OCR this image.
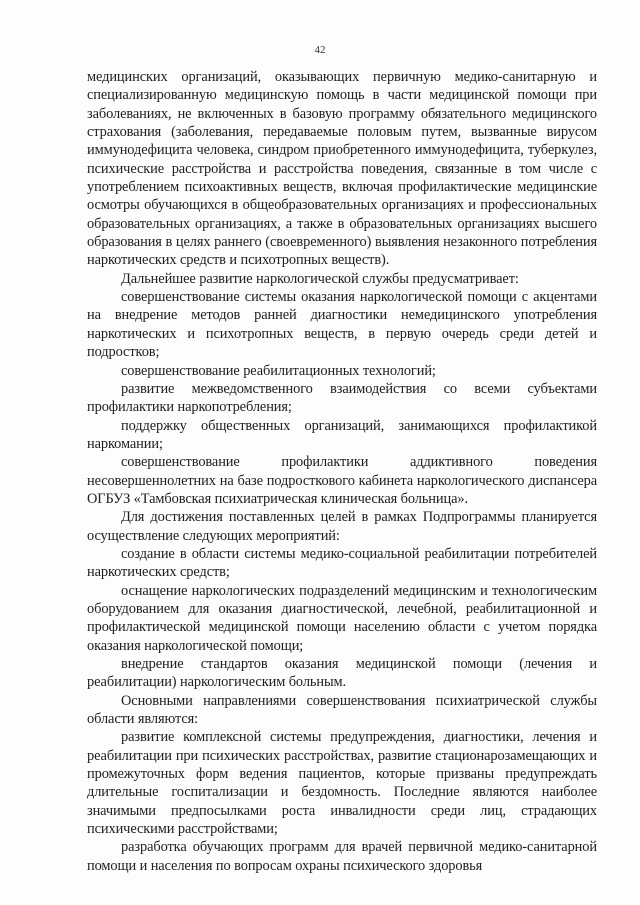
42

медицинских организаций, оказывающих первичную медико-санитарную и специализированную медицинскую помощь в части медицинской помощи при заболеваниях, не включенных в базовую программу обязательного медицинского страхования (заболевания, передаваемые половым путем, вызванные вирусом иммунодефицита человека, синдром приобретенного иммунодефицита, туберкулез, психические расстройства и расстройства поведения, связанные в том числе с употреблением психоактивных веществ, включая профилактические медицинские осмотры обучающихся в общеобразовательных организациях и профессиональных образовательных организациях, а также в образовательных организациях высшего образования в целях раннего (своевременного) выявления незаконного потребления наркотических средств и психотропных веществ).

Дальнейшее развитие наркологической службы предусматривает:

совершенствование системы оказания наркологической помощи с акцентами на внедрение методов ранней диагностики немедицинского употребления наркотических и психотропных веществ, в первую очередь среди детей и подростков;

совершенствование реабилитационных технологий;

развитие межведомственного взаимодействия со всеми субъектами профилактики наркопотребления;

поддержку общественных организаций, занимающихся профилактикой наркомании;

совершенствование профилактики аддиктивного поведения несовершеннолетних на базе подросткового кабинета наркологического диспансера ОГБУЗ «Тамбовская психиатрическая клиническая больница».

Для достижения поставленных целей в рамках Подпрограммы планируется осуществление следующих мероприятий:

создание в области системы медико-социальной реабилитации потребителей наркотических средств;

оснащение наркологических подразделений медицинским и технологическим оборудованием для оказания диагностической, лечебной, реабилитационной и профилактической медицинской помощи населению области с учетом порядка оказания наркологической помощи;

внедрение стандартов оказания медицинской помощи (лечения и реабилитации) наркологическим больным.

Основными направлениями совершенствования психиатрической службы области являются:

развитие комплексной системы предупреждения, диагностики, лечения и реабилитации при психических расстройствах, развитие стационарозамещающих и промежуточных форм ведения пациентов, которые призваны предупреждать длительные госпитализации и бездомность. Последние являются наиболее значимыми предпосылками роста инвалидности среди лиц, страдающих психическими расстройствами;

разработка обучающих программ для врачей первичной медико-санитарной помощи и населения по вопросам охраны психического здоровья
